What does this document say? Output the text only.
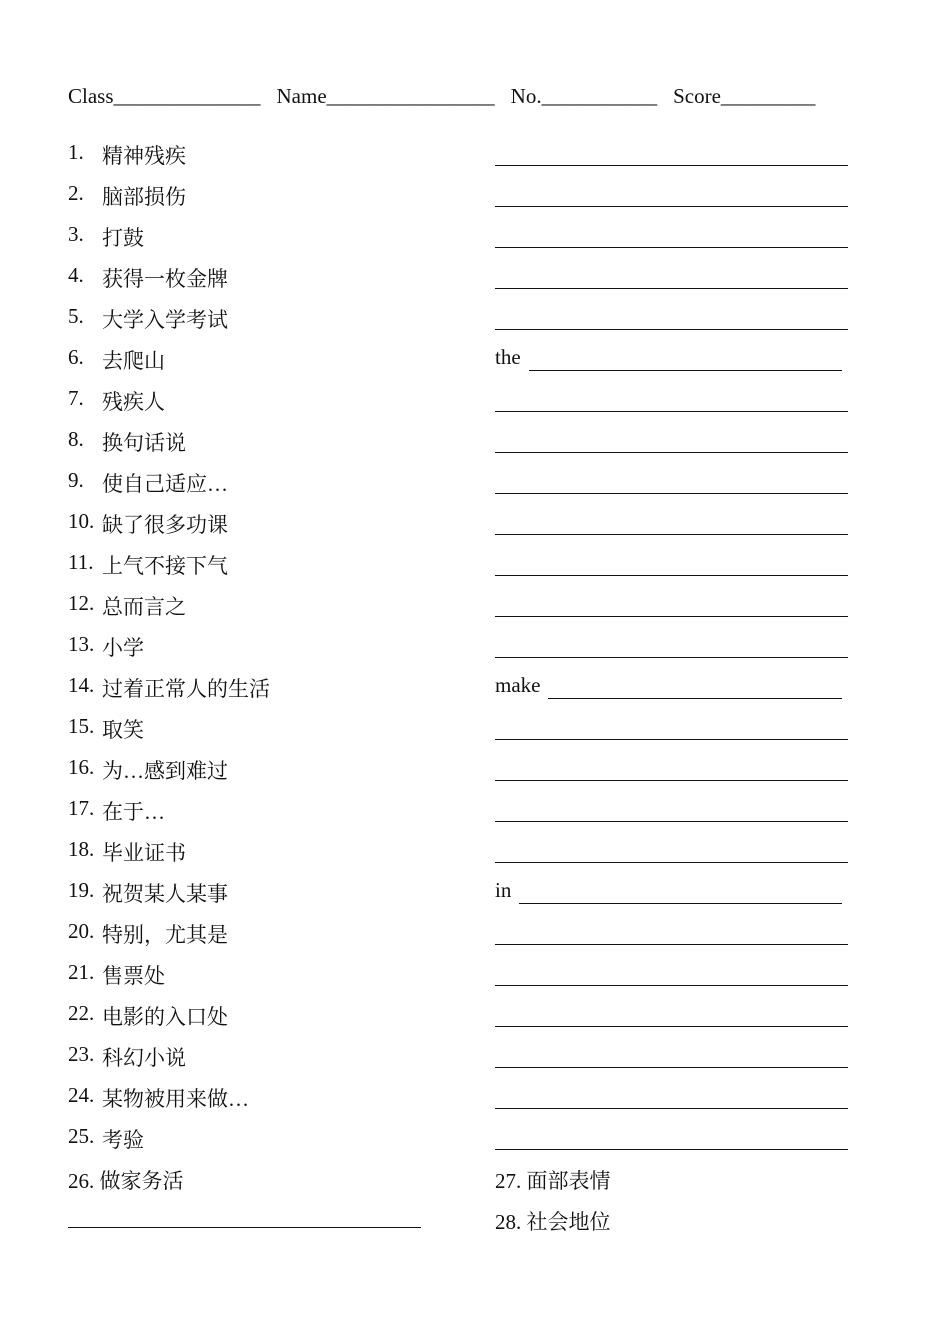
Class______________ Name________________ No.___________ Score_________
1. 精神残疾
2. 脑部损伤
3. 打鼓
4. 获得一枚金牌
5. 大学入学考试
6. 去爬山	the
7. 残疾人
8. 换句话说
9. 使自己适应…
10. 缺了很多功课
11. 上气不接下气
12. 总而言之
13. 小学
14. 过着正常人的生活	make
15. 取笑
16. 为…感到难过
17. 在于…
18. 毕业证书
19. 祝贺某人某事	in
20. 特别，尤其是
21. 售票处
22. 电影的入口处
23. 科幻小说
24. 某物被用来做…
25. 考验
26. 做家务活	27. 面部表情
28. 社会地位
